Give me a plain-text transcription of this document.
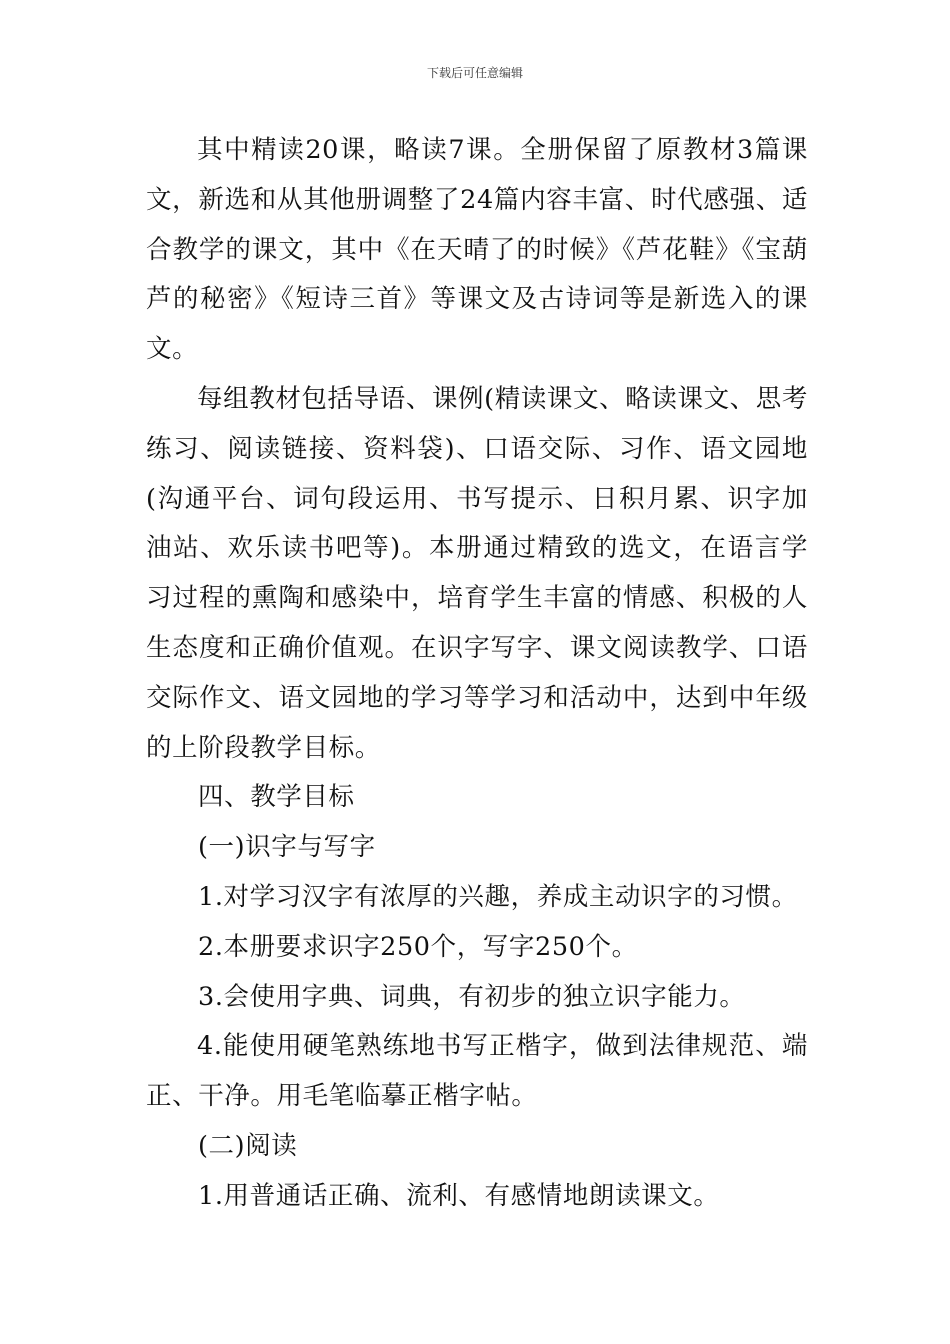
下载后可任意编辑

其中精读20课，略读7课。全册保留了原教材3篇课文，新选和从其他册调整了24篇内容丰富、时代感强、适合教学的课文，其中《在天晴了的时候》《芦花鞋》《宝葫芦的秘密》《短诗三首》等课文及古诗词等是新选入的课文。

每组教材包括导语、课例(精读课文、略读课文、思考练习、阅读链接、资料袋)、口语交际、习作、语文园地(沟通平台、词句段运用、书写提示、日积月累、识字加油站、欢乐读书吧等)。本册通过精致的选文，在语言学习过程的熏陶和感染中，培育学生丰富的情感、积极的人生态度和正确价值观。在识字写字、课文阅读教学、口语交际作文、语文园地的学习等学习和活动中，达到中年级的上阶段教学目标。

四、教学目标

(一)识字与写字

1.对学习汉字有浓厚的兴趣，养成主动识字的习惯。

2.本册要求识字250个，写字250个。

3.会使用字典、词典，有初步的独立识字能力。

4.能使用硬笔熟练地书写正楷字，做到法律规范、端正、干净。用毛笔临摹正楷字帖。

(二)阅读

1.用普通话正确、流利、有感情地朗读课文。
